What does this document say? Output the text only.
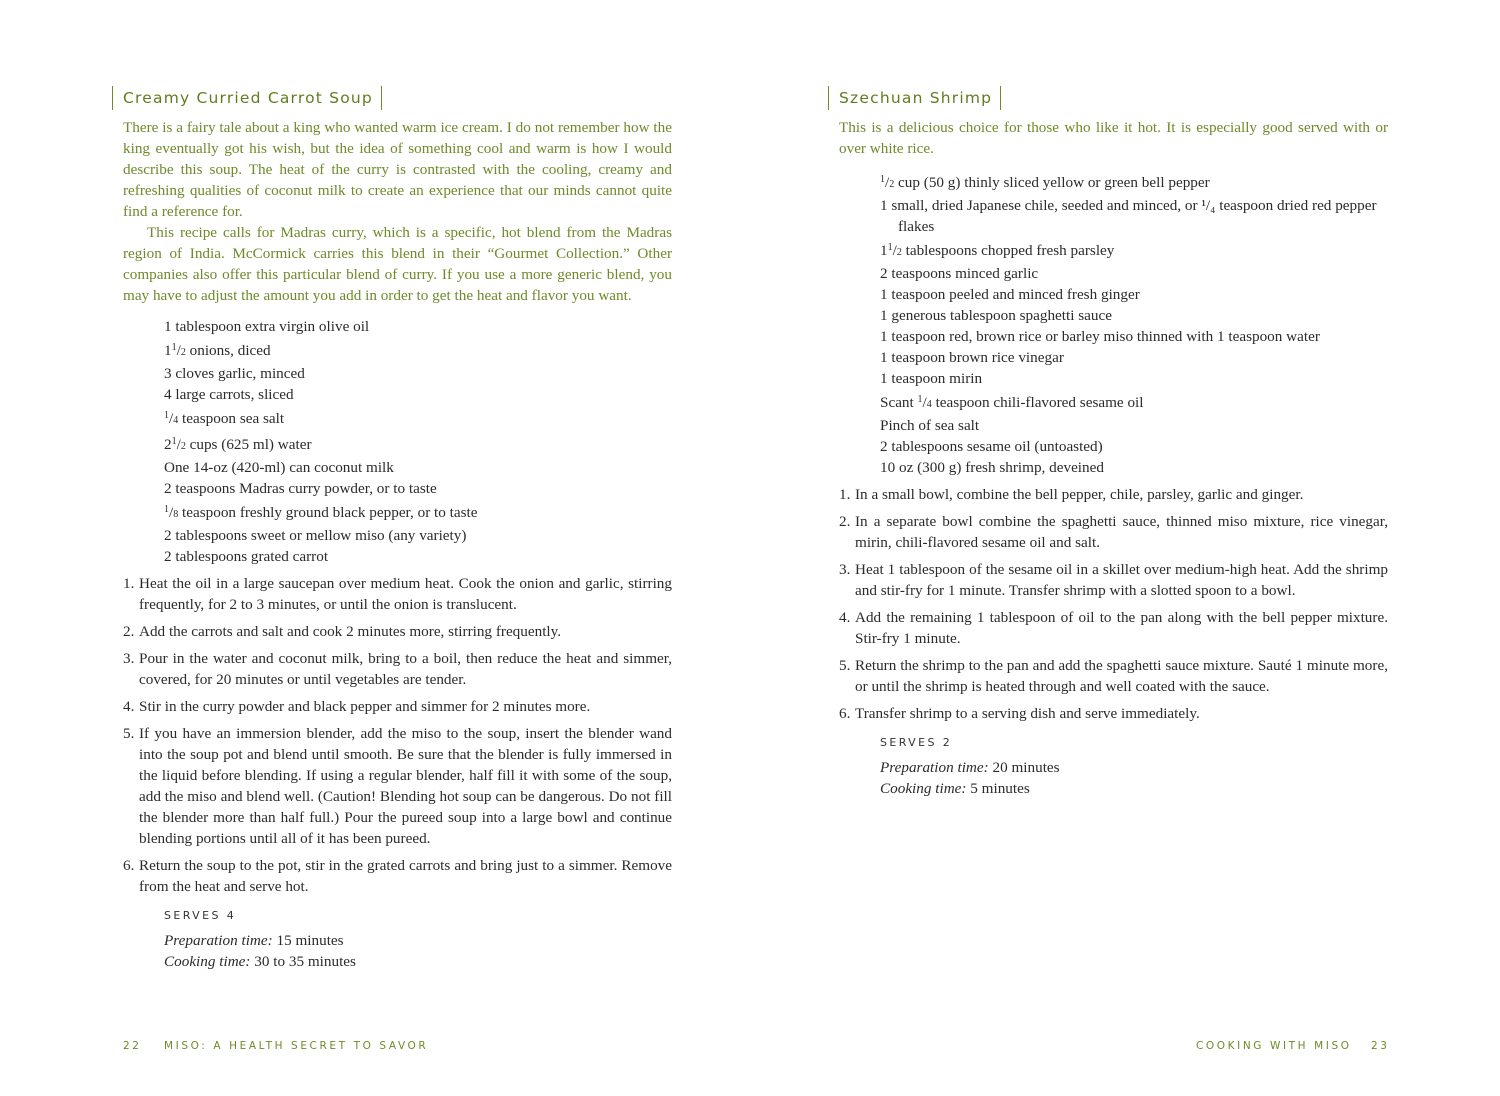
Creamy Curried Carrot Soup

There is a fairy tale about a king who wanted warm ice cream. I do not remember how the king eventually got his wish, but the idea of something cool and warm is how I would describe this soup. The heat of the curry is contrasted with the cooling, creamy and refreshing qualities of coconut milk to create an experience that our minds cannot quite find a reference for.

This recipe calls for Madras curry, which is a specific, hot blend from the Madras region of India. McCormick carries this blend in their “Gourmet Collection.” Other companies also offer this particular blend of curry. If you use a more generic blend, you may have to adjust the amount you add in order to get the heat and flavor you want.

1 tablespoon extra virgin olive oil
$1^1/2$ onions, diced
3 cloves garlic, minced
4 large carrots, sliced
$^1$/4 teaspoon sea salt
$2^1/2$ cups (625 ml) water
One 14-oz (420-ml) can coconut milk
2 teaspoons Madras curry powder, or to taste
$^1$/8 teaspoon freshly ground black pepper, or to taste
2 tablespoons sweet or mellow miso (any variety)
2 tablespoons grated carrot
1. Heat the oil in a large saucepan over medium heat. Cook the onion and garlic, stirring frequently, for 2 to 3 minutes, or until the onion is translucent.
2. Add the carrots and salt and cook 2 minutes more, stirring frequently.
3. Pour in the water and coconut milk, bring to a boil, then reduce the heat and simmer, covered, for 20 minutes or until vegetables are tender.
4. Stir in the curry powder and black pepper and simmer for 2 minutes more.
5. If you have an immersion blender, add the miso to the soup, insert the blender wand into the soup pot and blend until smooth. Be sure that the blender is fully immersed in the liquid before blending. If using a regular blender, half fill it with some of the soup, add the miso and blend well. (Caution! Blending hot soup can be dangerous. Do not fill the blender more than half full.) Pour the pureed soup into a large bowl and continue blending portions until all of it has been pureed.
6. Return the soup to the pot, stir in the grated carrots and bring just to a simmer. Remove from the heat and serve hot.
SERVES 4
Preparation time: 15 minutes
Cooking time: 30 to 35 minutes
22 MISO: A HEALTH SECRET TO SAVOR
Szechuan Shrimp

This is a delicious choice for those who like it hot. It is especially good served with or over white rice.

$^1$/2 cup (50 g) thinly sliced yellow or green bell pepper
1 small, dried Japanese chile, seeded and minced, or ¹/₄ teaspoon dried red pepper flakes
$1^1/2$ tablespoons chopped fresh parsley
2 teaspoons minced garlic
1 teaspoon peeled and minced fresh ginger
1 generous tablespoon spaghetti sauce
1 teaspoon red, brown rice or barley miso thinned with 1 teaspoon water
1 teaspoon brown rice vinegar
1 teaspoon mirin
Scant $^1$/4 teaspoon chili-flavored sesame oil
Pinch of sea salt
2 tablespoons sesame oil (untoasted)
10 oz (300 g) fresh shrimp, deveined
1. In a small bowl, combine the bell pepper, chile, parsley, garlic and ginger.
2. In a separate bowl combine the spaghetti sauce, thinned miso mixture, rice vinegar, mirin, chili-flavored sesame oil and salt.
3. Heat 1 tablespoon of the sesame oil in a skillet over medium-high heat. Add the shrimp and stir-fry for 1 minute. Transfer shrimp with a slotted spoon to a bowl.
4. Add the remaining 1 tablespoon of oil to the pan along with the bell pepper mixture. Stir-fry 1 minute.
5. Return the shrimp to the pan and add the spaghetti sauce mixture. Sauté 1 minute more, or until the shrimp is heated through and well coated with the sauce.
6. Transfer shrimp to a serving dish and serve immediately.
SERVES 2
Preparation time: 20 minutes
Cooking time: 5 minutes
COOKING WITH MISO 23
